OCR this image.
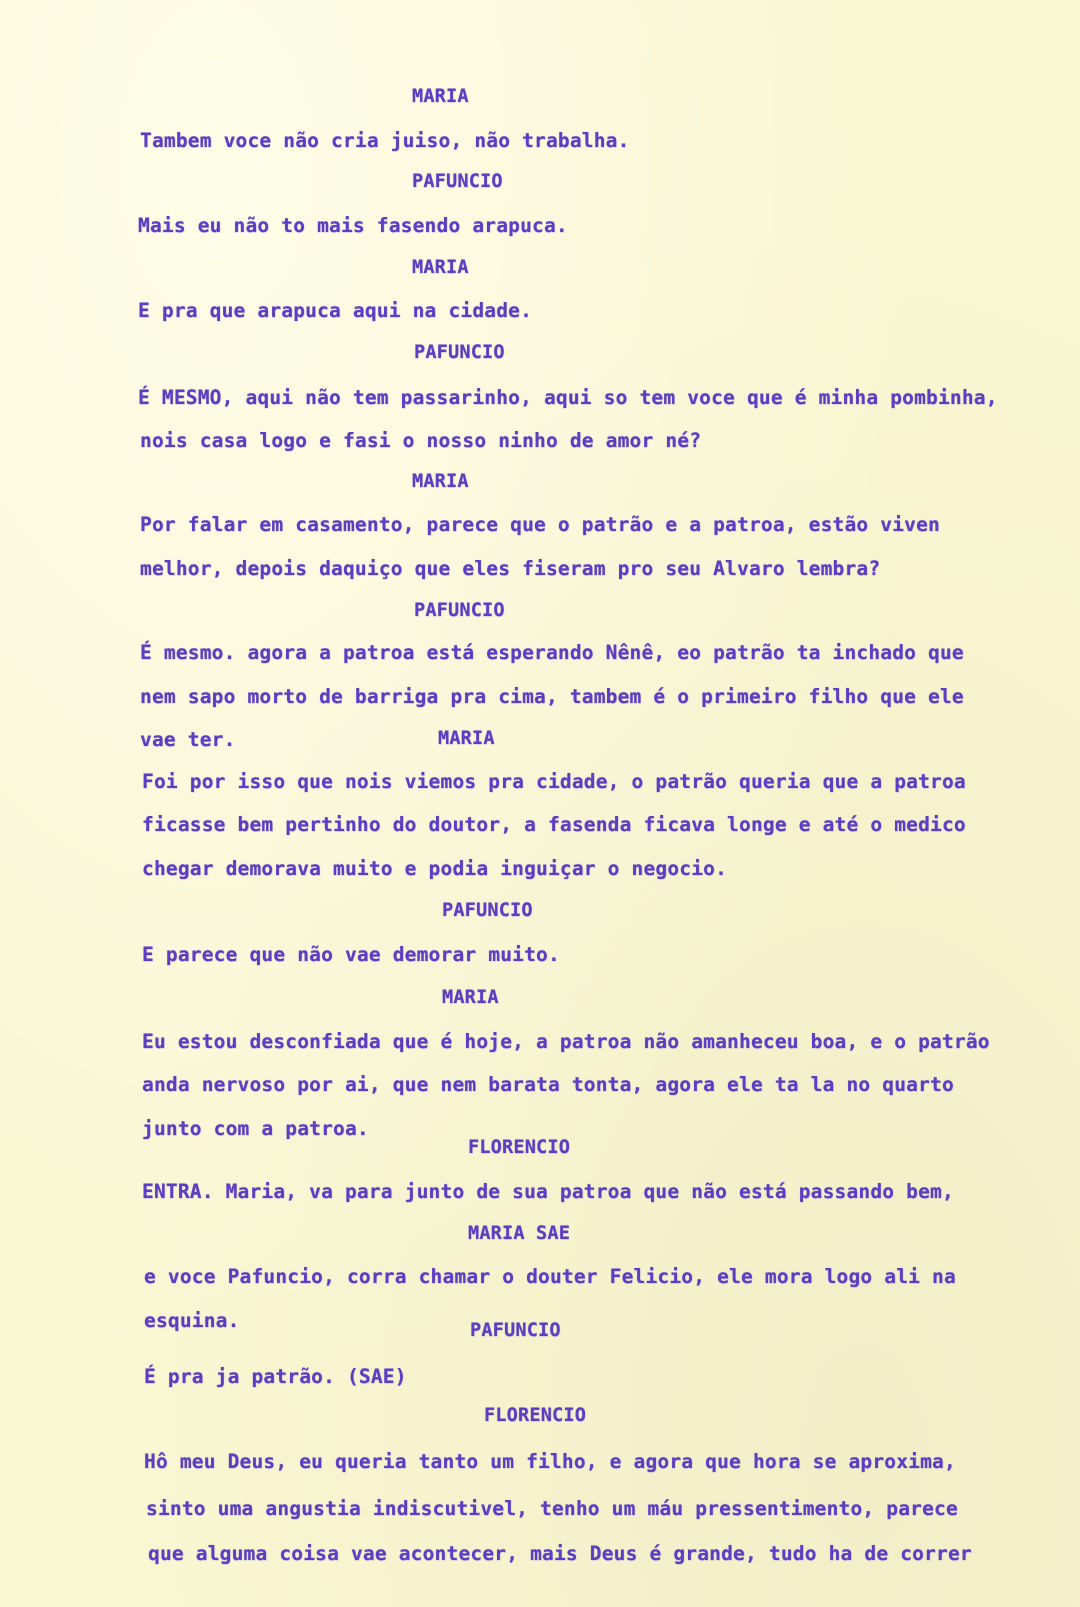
MARIA
Tambem voce não cria juiso, não trabalha.
PAFUNCIO
Mais eu não to mais fasendo arapuca.
MARIA
E pra que arapuca aqui na cidade.
PAFUNCIO
É MESMO, aqui não tem passarinho, aqui so tem voce que é minha pombinha,
nois casa logo e fasi o nosso ninho de amor né?
MARIA
Por falar em casamento, parece que o patrão e a patroa, estão viven
melhor, depois daquiço que eles fiseram pro seu Alvaro lembra?
PAFUNCIO
É mesmo. agora a patroa está esperando Nênê, eo patrão ta inchado que
nem sapo morto de barriga pra cima, tambem é o primeiro filho que ele
vae ter.	MARIA
Foi por isso que nois viemos pra cidade, o patrão queria que a patroa
ficasse bem pertinho do doutor, a fasenda ficava longe e até o medico
chegar demorava muito e podia inguiçar o negocio.
PAFUNCIO
E parece que não vae demorar muito.
MARIA
Eu estou desconfiada que é hoje, a patroa não amanheceu boa, e o patrão
anda nervoso por ai, que nem barata tonta, agora ele ta la no quarto
junto com a patroa.
FLORENCIO
ENTRA. Maria, va para junto de sua patroa que não está passando bem,
MARIA SAE
e voce Pafuncio, corra chamar o douter Felicio, ele mora logo ali na
esquina.	PAFUNCIO
É pra ja patrão. (SAE)
FLORENCIO
Hô meu Deus, eu queria tanto um filho, e agora que hora se aproxima,
sinto uma angustia indiscutivel, tenho um máu pressentimento, parece
que alguma coisa vae acontecer, mais Deus é grande, tudo ha de correr
